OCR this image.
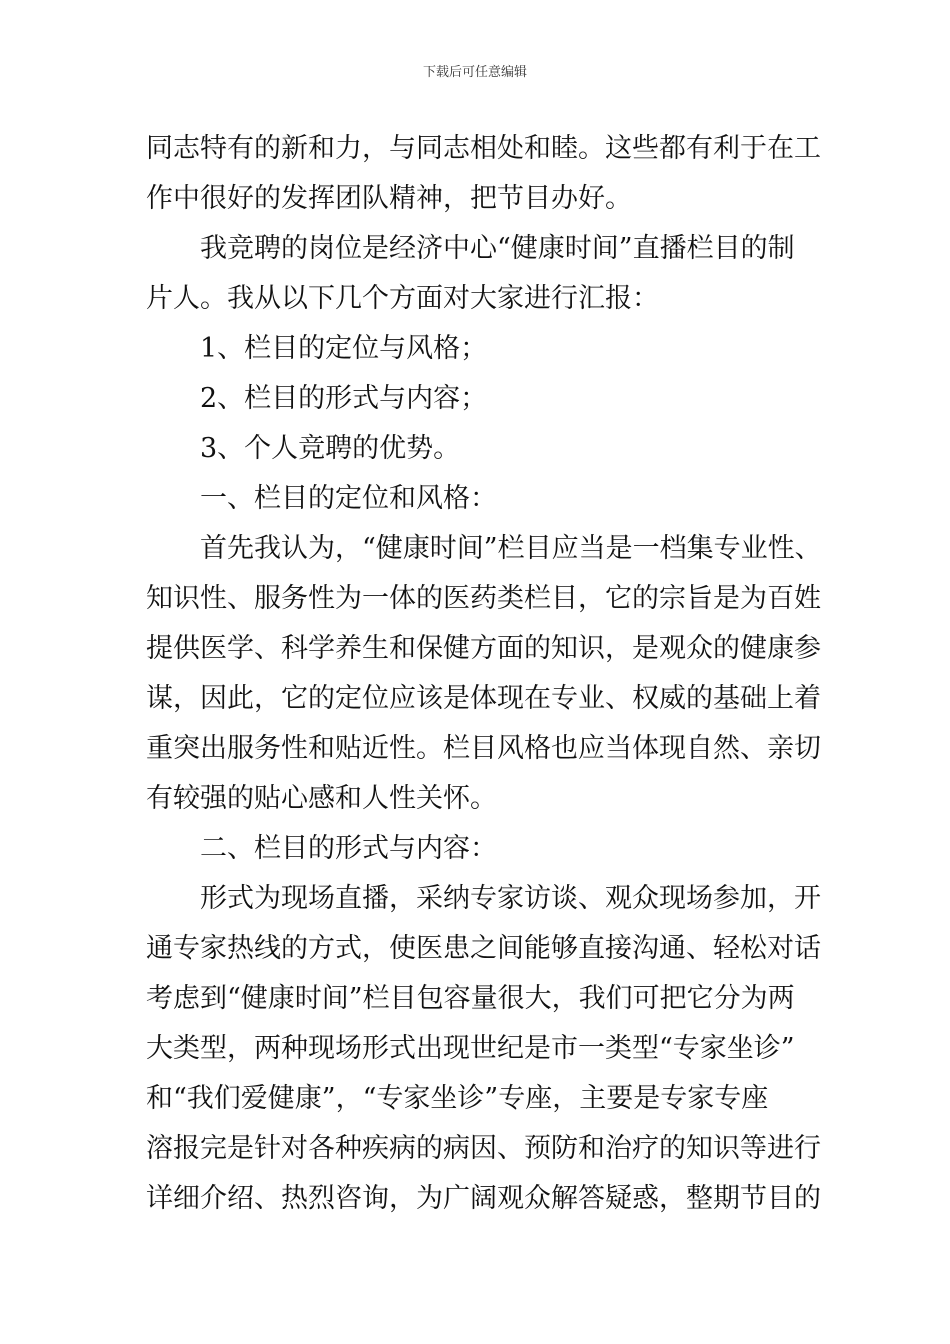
下载后可任意编辑
同志特有的新和力，与同志相处和睦。这些都有利于在工
作中很好的发挥团队精神，把节目办好。
我竞聘的岗位是经济中心“健康时间”直播栏目的制
片人。我从以下几个方面对大家进行汇报：
1、栏目的定位与风格；
2、栏目的形式与内容；
3、个人竞聘的优势。
一、栏目的定位和风格：
首先我认为，“健康时间”栏目应当是一档集专业性、
知识性、服务性为一体的医药类栏目，它的宗旨是为百姓
提供医学、科学养生和保健方面的知识，是观众的健康参
谋，因此，它的定位应该是体现在专业、权威的基础上着
重突出服务性和贴近性。栏目风格也应当体现自然、亲切
有较强的贴心感和人性关怀。
二、栏目的形式与内容：
形式为现场直播，采纳专家访谈、观众现场参加，开
通专家热线的方式，使医患之间能够直接沟通、轻松对话
考虑到“健康时间”栏目包容量很大，我们可把它分为两
大类型，两种现场形式出现世纪是市一类型“专家坐诊”
和“我们爱健康”，“专家坐诊”专座，主要是专家专座
溶报完是针对各种疾病的病因、预防和治疗的知识等进行
详细介绍、热烈咨询，为广阔观众解答疑惑，整期节目的
